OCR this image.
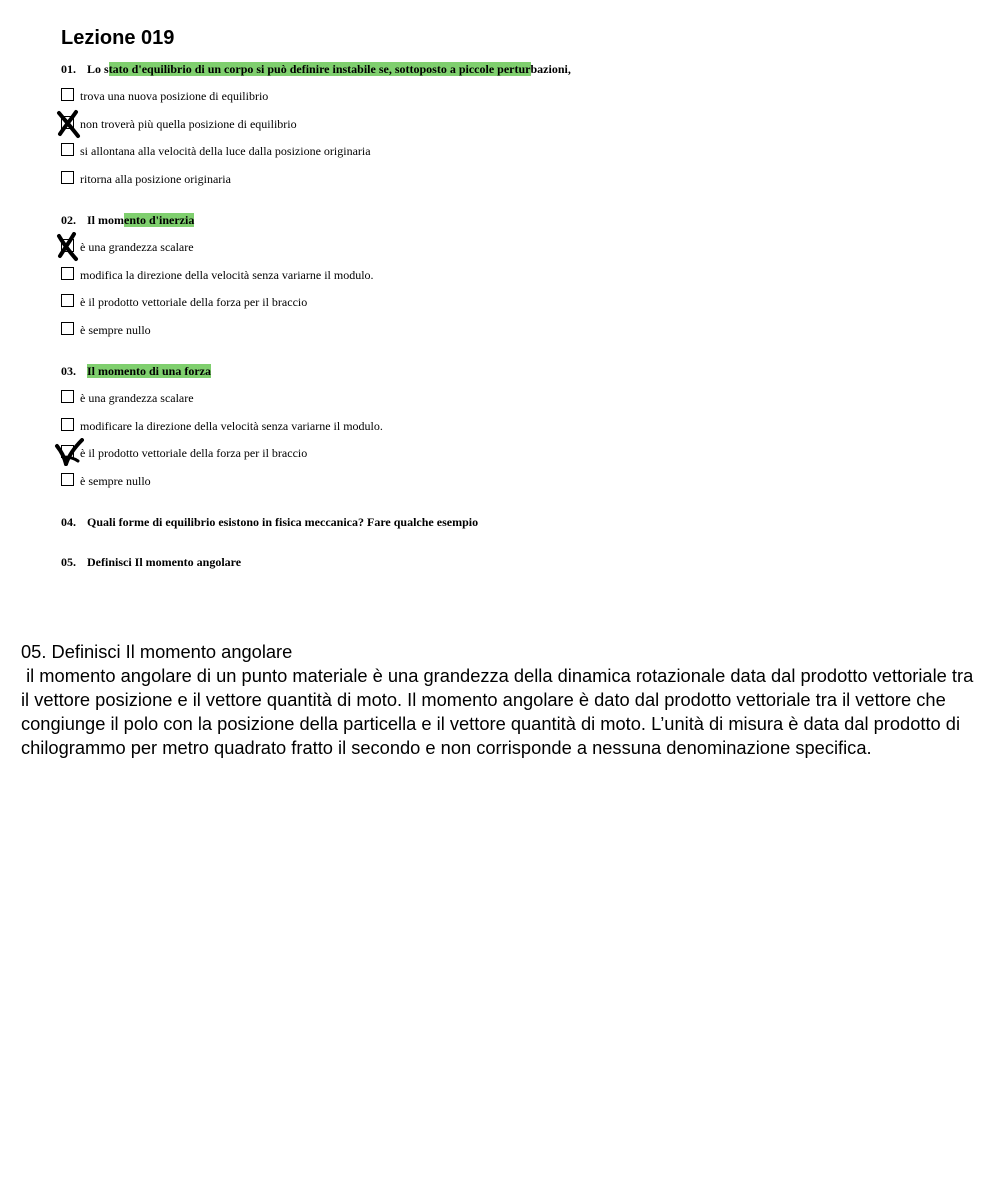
Lezione 019
01. Lo stato d'equilibrio di un corpo si può definire instabile se, sottoposto a piccole perturbazioni,
trova una nuova posizione di equilibrio
non troverà più quella posizione di equilibrio
si allontana alla velocità della luce dalla posizione originaria
ritorna alla posizione originaria
02. Il momento d'inerzia
è una grandezza scalare
modifica la direzione della velocità senza variarne il modulo.
è il prodotto vettoriale della forza per il braccio
è sempre nullo
03. Il momento di una forza
è una grandezza scalare
modificare la direzione della velocità senza variarne il modulo.
è il prodotto vettoriale della forza per il braccio
è sempre nullo
04. Quali forme di equilibrio esistono in fisica meccanica? Fare qualche esempio
05. Definisci Il momento angolare
05. Definisci Il momento angolare
il momento angolare di un punto materiale è una grandezza della dinamica rotazionale data dal prodotto vettoriale tra il vettore posizione e il vettore quantità di moto. Il momento angolare è dato dal prodotto vettoriale tra il vettore che congiunge il polo con la posizione della particella e il vettore quantità di moto. L’unità di misura è data dal prodotto di chilogrammo per metro quadrato fratto il secondo e non corrisponde a nessuna denominazione specifica.
